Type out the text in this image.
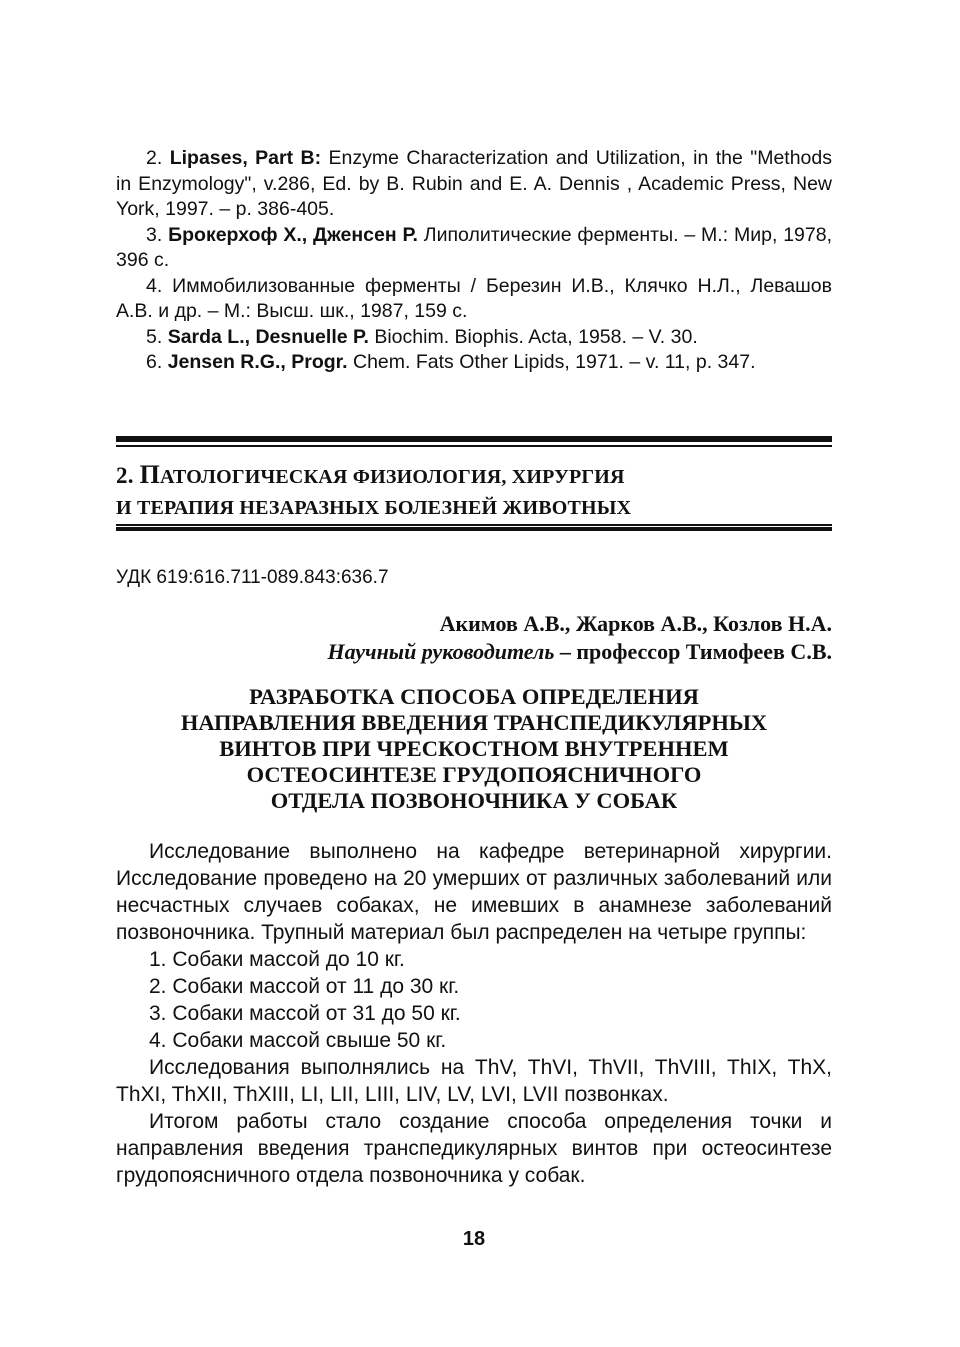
2. Lipases, Part B: Enzyme Characterization and Utilization, in the "Methods in Enzymology", v.286, Ed. by B. Rubin and E. A. Dennis , Academic Press, New York, 1997. – p. 386-405.

3. Брокерхоф Х., Дженсен Р. Липолитические ферменты. – М.: Мир, 1978, 396 с.

4. Иммобилизованные ферменты / Березин И.В., Клячко Н.Л., Левашов А.В. и др. – М.: Высш. шк., 1987, 159 с.

5. Sarda L., Desnuelle P. Biochim. Biophis. Acta, 1958. – V. 30.

6. Jensen R.G., Progr. Chem. Fats Other Lipids, 1971. – v. 11, p. 347.

2. ПАТОЛОГИЧЕСКАЯ ФИЗИОЛОГИЯ, ХИРУРГИЯ
И ТЕРАПИЯ НЕЗАРАЗНЫХ БОЛЕЗНЕЙ ЖИВОТНЫХ
УДК 619:616.711-089.843:636.7
Акимов А.В., Жарков А.В., Козлов Н.А.
Научный руководитель – профессор Тимофеев С.В.
РАЗРАБОТКА СПОСОБА ОПРЕДЕЛЕНИЯ
НАПРАВЛЕНИЯ ВВЕДЕНИЯ ТРАНСПЕДИКУЛЯРНЫХ
ВИНТОВ ПРИ ЧРЕСКОСТНОМ ВНУТРЕННЕМ
ОСТЕОСИНТЕЗЕ ГРУДОПОЯСНИЧНОГО
ОТДЕЛА ПОЗВОНОЧНИКА У СОБАК

Исследование выполнено на кафедре ветеринарной хирургии. Исследование проведено на 20 умерших от различных заболеваний или несчастных случаев собаках, не имевших в анамнезе заболеваний позвоночника. Трупный материал был распределен на четыре группы:

1. Собаки массой до 10 кг.

2. Собаки массой от 11 до 30 кг.

3. Собаки массой от 31 до 50 кг.

4. Собаки массой свыше 50 кг.

Исследования выполнялись на ThV, ThVI, ThVII, ThVIII, ThIX, ThX, ThXI, ThXII, ThXIII, LI, LII, LIII, LIV, LV, LVI, LVII позвонках.

Итогом работы стало создание способа определения точки и направления введения транспедикулярных винтов при остеосинтезе грудопоясничного отдела позвоночника у собак.

18
